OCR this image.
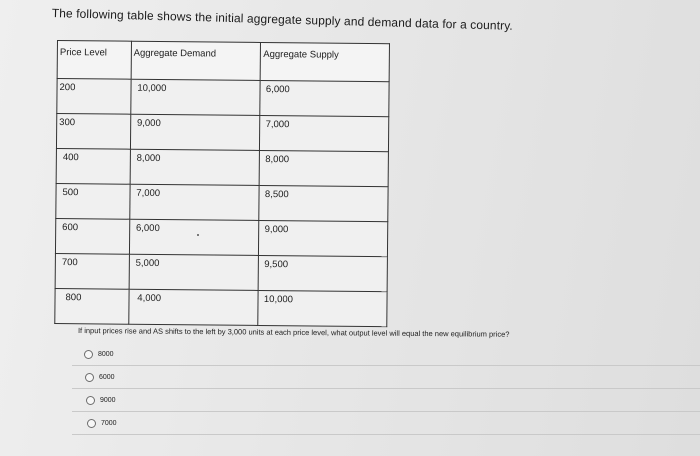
The following table shows the initial aggregate supply and demand data for a country.
Price Level	Aggregate Demand	Aggregate Supply
200	10,000	6,000
300	9,000	7,000
400	8,000	8,000
500	7,000	8,500
600	6,000	9,000
700	5,000	9,500
800	4,000	10,000
If input prices rise and AS shifts to the left by 3,000 units at each price level, what output level will equal the new equilibrium price?
8000
6000
9000
7000
